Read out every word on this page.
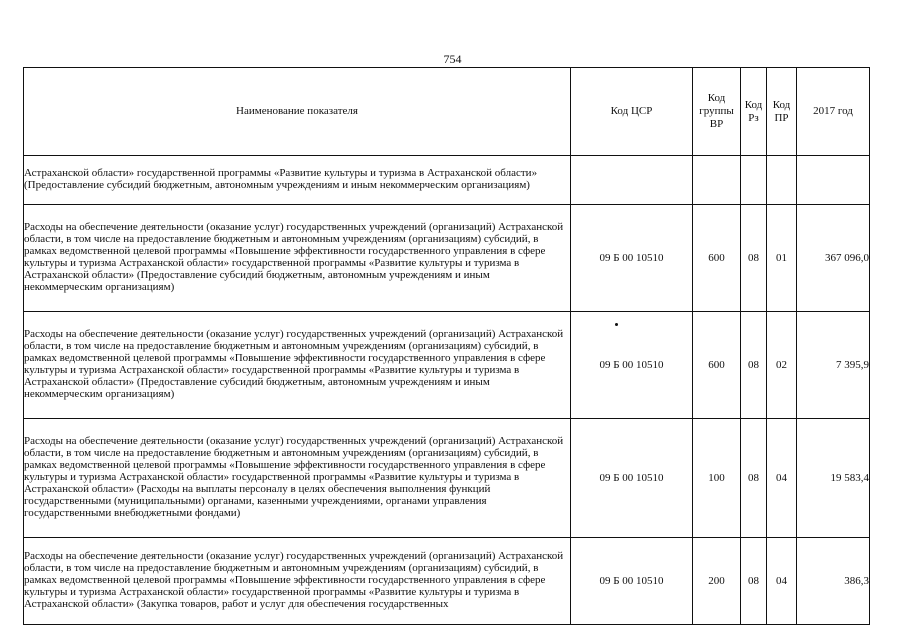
754
Наименование показателя	Код ЦСР	Код группы ВР	Код Рз	Код ПР	2017 год
Астраханской области» государственной программы «Развитие культуры и туризма в Астраханской области» (Предоставление субсидий бюджетным, автономным учреждениям и иным некоммерческим организациям)					
Расходы на обеспечение деятельности (оказание услуг) государственных учреждений (организаций) Астраханской области, в том числе на предоставление бюджетным и автономным учреждениям (организациям) субсидий, в рамках ведомственной целевой программы «Повышение эффективности государственного управления в сфере культуры и туризма Астраханской области» государственной программы «Развитие культуры и туризма в Астраханской области» (Предоставление субсидий бюджетным, автономным учреждениям и иным некоммерческим организациям)	09 Б 00 10510	600	08	01	367 096,0
Расходы на обеспечение деятельности (оказание услуг) государственных учреждений (организаций) Астраханской области, в том числе на предоставление бюджетным и автономным учреждениям (организациям) субсидий, в рамках ведомственной целевой программы «Повышение эффективности государственного управления в сфере культуры и туризма Астраханской области» государственной программы «Развитие культуры и туризма в Астраханской области» (Предоставление субсидий бюджетным, автономным учреждениям и иным некоммерческим организациям)	09 Б 00 10510	600	08	02	7 395,9
Расходы на обеспечение деятельности (оказание услуг) государственных учреждений (организаций) Астраханской области, в том числе на предоставление бюджетным и автономным учреждениям (организациям) субсидий, в рамках ведомственной целевой программы «Повышение эффективности государственного управления в сфере культуры и туризма Астраханской области» государственной программы «Развитие культуры и туризма в Астраханской области» (Расходы на выплаты персоналу в целях обеспечения выполнения функций государственными (муниципальными) органами, казенными учреждениями, органами управления государственными внебюджетными фондами)	09 Б 00 10510	100	08	04	19 583,4
Расходы на обеспечение деятельности (оказание услуг) государственных учреждений (организаций) Астраханской области, в том числе на предоставление бюджетным и автономным учреждениям (организациям) субсидий, в рамках ведомственной целевой программы «Повышение эффективности государственного управления в сфере культуры и туризма Астраханской области» государственной программы «Развитие культуры и туризма в Астраханской области» (Закупка товаров, работ и услуг для обеспечения государственных	09 Б 00 10510	200	08	04	386,3
